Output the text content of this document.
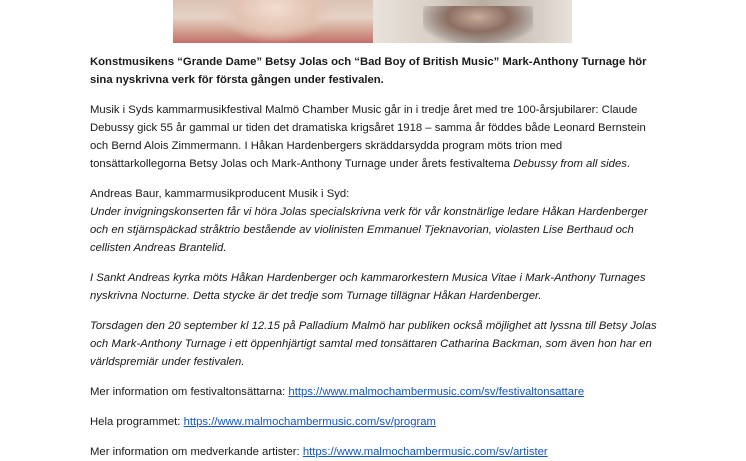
Konstmusikens “Grande Dame” Betsy Jolas och “Bad Boy of British Music” Mark-Anthony Turnage hör sina nyskrivna verk för första gången under festivalen.

Musik i Syds kammarmusikfestival Malmö Chamber Music går in i tredje året med tre 100-årsjubilarer: Claude Debussy gick 55 år gammal ur tiden det dramatiska krigsåret 1918 – samma år föddes både Leonard Bernstein och Bernd Alois Zimmermann. I Håkan Hardenbergers skräddarsydda program möts trion med tonsättarkollegorna Betsy Jolas och Mark-Anthony Turnage under årets festivaltema Debussy from all sides.

Andreas Baur, kammarmusikproducent Musik i Syd:
Under invigningskonserten får vi höra Jolas specialskrivna verk för vår konstnärlige ledare Håkan Hardenberger och en stjärnspäckad stråktrio bestående av violinisten Emmanuel Tjeknavorian, violasten Lise Berthaud och cellisten Andreas Brantelid.

I Sankt Andreas kyrka möts Håkan Hardenberger och kammarorkestern Musica Vitae i Mark-Anthony Turnages nyskrivna Nocturne. Detta stycke är det tredje som Turnage tillägnar Håkan Hardenberger.

Torsdagen den 20 september kl 12.15 på Palladium Malmö har publiken också möjlighet att lyssna till Betsy Jolas och Mark-Anthony Turnage i ett öppenhjärtigt samtal med tonsättaren Catharina Backman, som även hon har en världspremiär under festivalen.

Mer information om festivaltonsättarna: https://www.malmochambermusic.com/sv/festivaltonsattare

Hela programmet: https://www.malmochambermusic.com/sv/program

Mer information om medverkande artister: https://www.malmochambermusic.com/sv/artister
